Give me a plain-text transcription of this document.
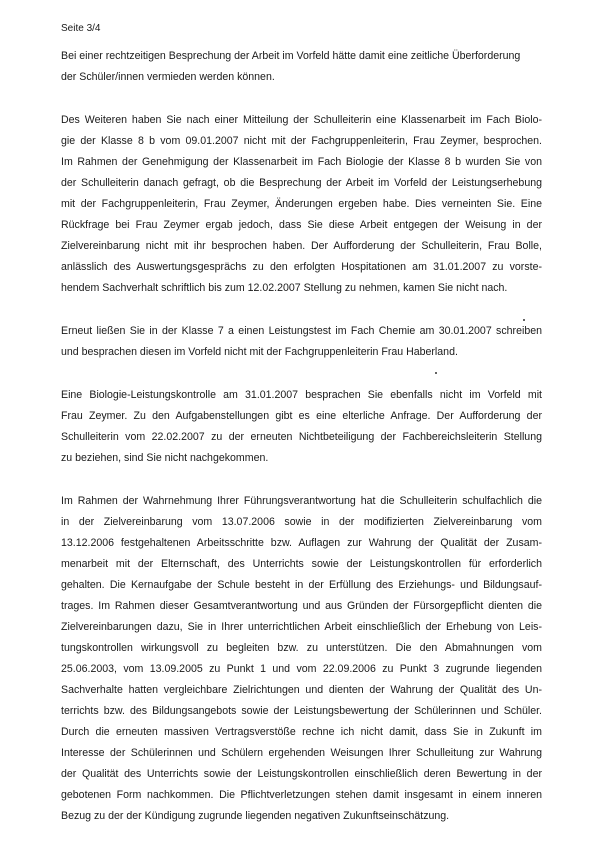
Seite 3/4

Bei einer rechtzeitigen Besprechung der Arbeit im Vorfeld hätte damit eine zeitliche Überforderung
der Schüler/innen vermieden werden können.
Des Weiteren haben Sie nach einer Mitteilung der Schulleiterin eine Klassenarbeit im Fach Biolo-
gie der Klasse 8 b vom 09.01.2007 nicht mit der Fachgruppenleiterin, Frau Zeymer, besprochen.
Im Rahmen der Genehmigung der Klassenarbeit im Fach Biologie der Klasse 8 b wurden Sie von
der Schulleiterin danach gefragt, ob die Besprechung der Arbeit im Vorfeld der Leistungserhebung
mit der Fachgruppenleiterin, Frau Zeymer, Änderungen ergeben habe. Dies verneinten Sie. Eine
Rückfrage bei Frau Zeymer ergab jedoch, dass Sie diese Arbeit entgegen der Weisung in der
Zielvereinbarung nicht mit ihr besprochen haben. Der Aufforderung der Schulleiterin, Frau Bolle,
anlässlich des Auswertungsgesprächs zu den erfolgten Hospitationen am 31.01.2007 zu vorste-
hendem Sachverhalt schriftlich bis zum 12.02.2007 Stellung zu nehmen, kamen Sie nicht nach.
Erneut ließen Sie in der Klasse 7 a einen Leistungstest im Fach Chemie am 30.01.2007 schreiben
und besprachen diesen im Vorfeld nicht mit der Fachgruppenleiterin Frau Haberland.
Eine Biologie-Leistungskontrolle am 31.01.2007 besprachen Sie ebenfalls nicht im Vorfeld mit
Frau Zeymer. Zu den Aufgabenstellungen gibt es eine elterliche Anfrage. Der Aufforderung der
Schulleiterin vom 22.02.2007 zu der erneuten Nichtbeteiligung der Fachbereichsleiterin Stellung
zu beziehen, sind Sie nicht nachgekommen.
Im Rahmen der Wahrnehmung Ihrer Führungsverantwortung hat die Schulleiterin schulfachlich die
in der Zielvereinbarung vom 13.07.2006 sowie in der modifizierten Zielvereinbarung vom
13.12.2006 festgehaltenen Arbeitsschritte bzw. Auflagen zur Wahrung der Qualität der Zusam-
menarbeit mit der Elternschaft, des Unterrichts sowie der Leistungskontrollen für erforderlich
gehalten. Die Kernaufgabe der Schule besteht in der Erfüllung des Erziehungs- und Bildungsauf-
trages. Im Rahmen dieser Gesamtverantwortung und aus Gründen der Fürsorgepflicht dienten die
Zielvereinbarungen dazu, Sie in Ihrer unterrichtlichen Arbeit einschließlich der Erhebung von Leis-
tungskontrollen wirkungsvoll zu begleiten bzw. zu unterstützen. Die den Abmahnungen vom
25.06.2003, vom 13.09.2005 zu Punkt 1 und vom 22.09.2006 zu Punkt 3 zugrunde liegenden
Sachverhalte hatten vergleichbare Zielrichtungen und dienten der Wahrung der Qualität des Un-
terrichts bzw. des Bildungsangebots sowie der Leistungsbewertung der Schülerinnen und Schüler.
Durch die erneuten massiven Vertragsverstöße rechne ich nicht damit, dass Sie in Zukunft im
Interesse der Schülerinnen und Schülern ergehenden Weisungen Ihrer Schulleitung zur Wahrung
der Qualität des Unterrichts sowie der Leistungskontrollen einschließlich deren Bewertung in der
gebotenen Form nachkommen. Die Pflichtverletzungen stehen damit insgesamt in einem inneren
Bezug zu der der Kündigung zugrunde liegenden negativen Zukunftseinschätzung.
